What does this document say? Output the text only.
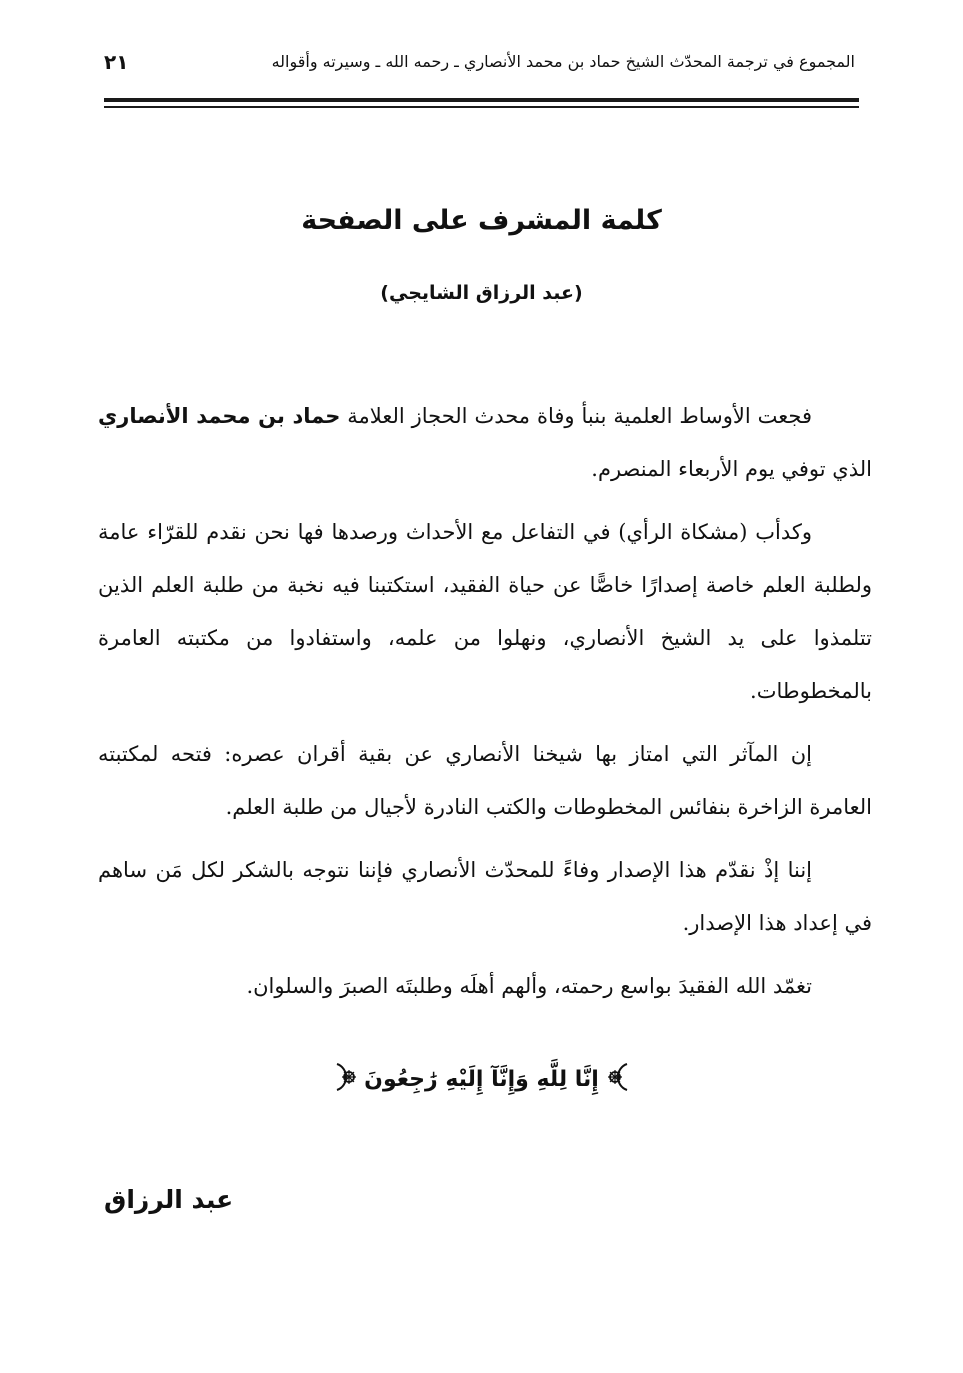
المجموع في ترجمة المحدّث الشيخ حماد بن محمد الأنصاري ـ رحمه الله ـ وسيرته وأقواله
٢١
كلمة المشرف على الصفحة
(عبد الرزاق الشايجي)

فجعت الأوساط العلمية بنبأ وفاة محدث الحجاز العلامة حماد بن محمد الأنصاري الذي توفي يوم الأربعاء المنصرم.

وكدأب (مشكاة الرأي) في التفاعل مع الأحداث ورصدها فها نحن نقدم للقرّاء عامة ولطلبة العلم خاصة إصدارًا خاصًّا عن حياة الفقيد، استكتبنا فيه نخبة من طلبة العلم الذين تتلمذوا على يد الشيخ الأنصاري، ونهلوا من علمه، واستفادوا من مكتبته العامرة بالمخطوطات.

إن المآثر التي امتاز بها شيخنا الأنصاري عن بقية أقران عصره: فتحه لمكتبته العامرة الزاخرة بنفائس المخطوطات والكتب النادرة لأجيال من طلبة العلم.

إننا إذْ نقدّم هذا الإصدار وفاءً للمحدّث الأنصاري فإننا نتوجه بالشكر لكل مَن ساهم في إعداد هذا الإصدار.

تغمّد الله الفقيدَ بواسع رحمته، وألهم أهلَه وطلبتَه الصبرَ والسلوان.

إِنَّا لِلَّهِ وَإِنَّآ إِلَيْهِ رَٰجِعُونَ
عبد الرزاق
